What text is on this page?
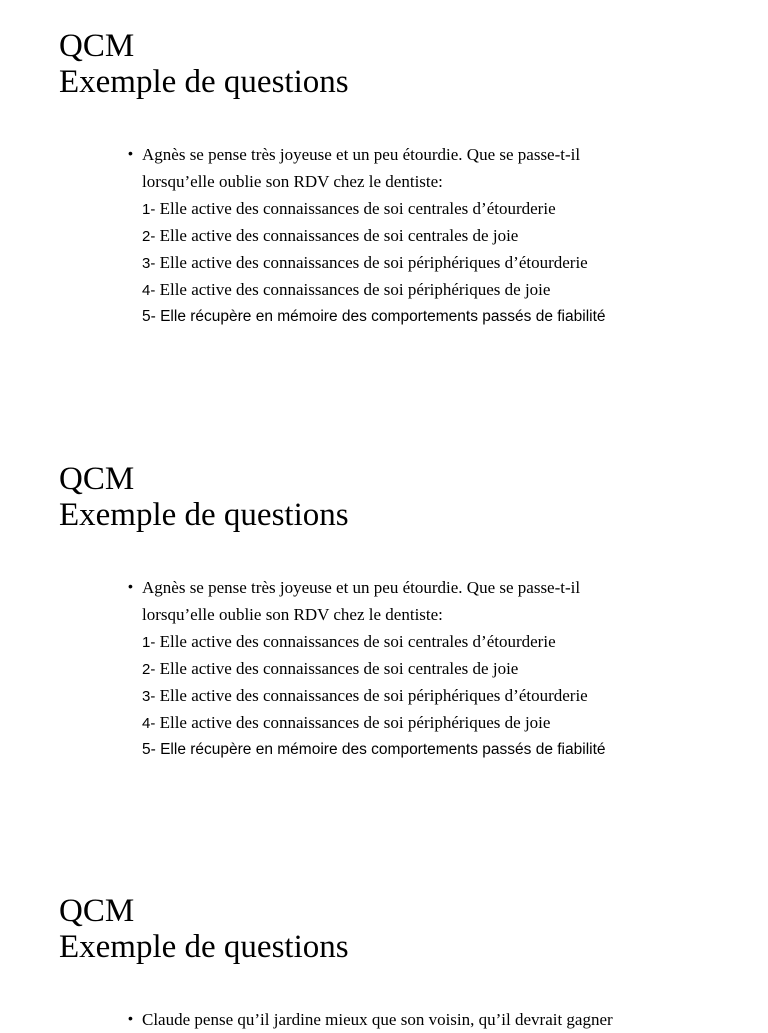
QCM
Exemple de questions
• Agnès se pense très joyeuse et un peu étourdie. Que se passe-t-il
lorsqu’elle oublie son RDV chez le dentiste:
1- Elle active des connaissances de soi centrales d’étourderie
2- Elle active des connaissances de soi centrales de joie
3- Elle active des connaissances de soi périphériques d’étourderie
4- Elle active des connaissances de soi périphériques de joie
5- Elle récupère en mémoire des comportements passés de fiabilité
QCM
Exemple de questions
• Agnès se pense très joyeuse et un peu étourdie. Que se passe-t-il
lorsqu’elle oublie son RDV chez le dentiste:
1- Elle active des connaissances de soi centrales d’étourderie
2- Elle active des connaissances de soi centrales de joie
3- Elle active des connaissances de soi périphériques d’étourderie
4- Elle active des connaissances de soi périphériques de joie
5- Elle récupère en mémoire des comportements passés de fiabilité
QCM
Exemple de questions
• Claude pense qu’il jardine mieux que son voisin, qu’il devrait gagner
